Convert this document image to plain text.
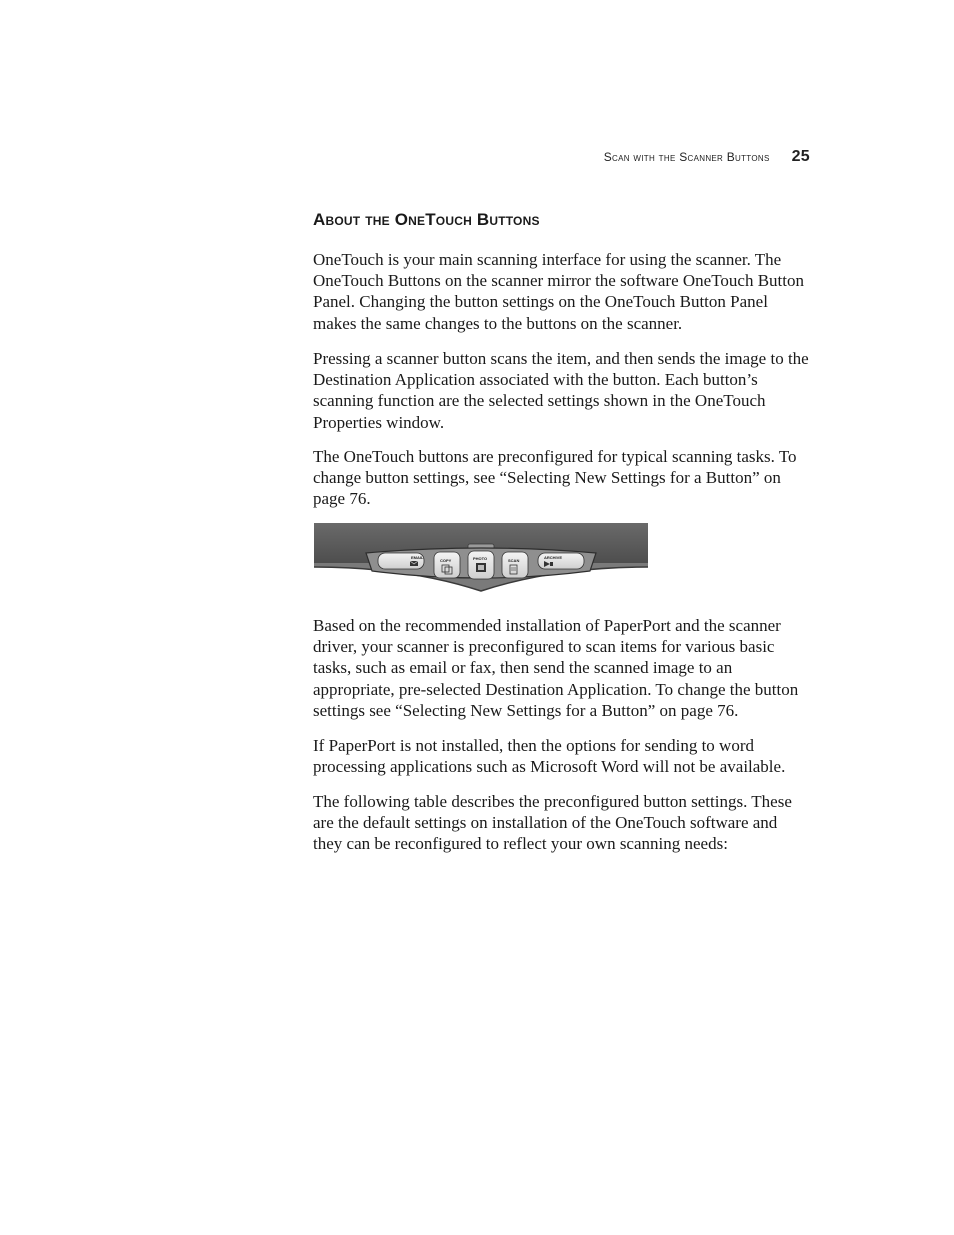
Scan with the Scanner Buttons 25
About the OneTouch Buttons

OneTouch is your main scanning interface for using the scanner. The OneTouch Buttons on the scanner mirror the software OneTouch Button Panel. Changing the button settings on the OneTouch Button Panel makes the same changes to the buttons on the scanner.

Pressing a scanner button scans the item, and then sends the image to the Destination Application associated with the button. Each button’s scanning function are the selected settings shown in the OneTouch Properties window.

The OneTouch buttons are preconfigured for typical scanning tasks. To change button settings, see “Selecting New Settings for a Button” on page 76.

EMAIL
COPY	PHOTO	SCAN
ARCHIVE

Based on the recommended installation of PaperPort and the scanner driver, your scanner is preconfigured to scan items for various basic tasks, such as email or fax, then send the scanned image to an appropriate, pre-selected Destination Application. To change the button settings see “Selecting New Settings for a Button” on page 76.

If PaperPort is not installed, then the options for sending to word processing applications such as Microsoft Word will not be available.

The following table describes the preconfigured button settings. These are the default settings on installation of the OneTouch software and they can be reconfigured to reflect your own scanning needs:
